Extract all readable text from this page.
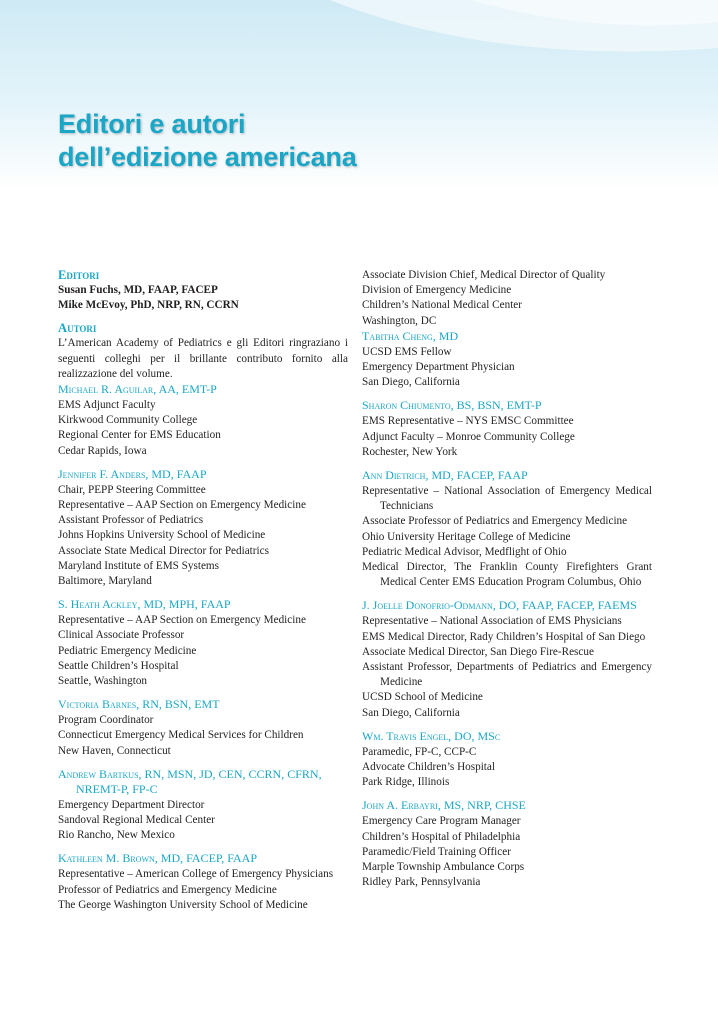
Editori e autori
dell’edizione americana
Editori
Susan Fuchs, MD, FAAP, FACEP
Mike McEvoy, PhD, NRP, RN, CCRN
Autori
L’American Academy of Pediatrics e gli Editori ringraziano i seguenti colleghi per il brillante contributo fornito alla realizzazione del volume.
Michael R. Aguilar, AA, EMT-P
EMS Adjunct Faculty
Kirkwood Community College
Regional Center for EMS Education
Cedar Rapids, Iowa
Jennifer F. Anders, MD, FAAP
Chair, PEPP Steering Committee
Representative – AAP Section on Emergency Medicine
Assistant Professor of Pediatrics
Johns Hopkins University School of Medicine
Associate State Medical Director for Pediatrics
Maryland Institute of EMS Systems
Baltimore, Maryland
S. Heath Ackley, MD, MPH, FAAP
Representative – AAP Section on Emergency Medicine
Clinical Associate Professor
Pediatric Emergency Medicine
Seattle Children’s Hospital
Seattle, Washington
Victoria Barnes, RN, BSN, EMT
Program Coordinator
Connecticut Emergency Medical Services for Children
New Haven, Connecticut
Andrew Bartkus, RN, MSN, JD, CEN, CCRN, CFRN, NREMT-P, FP-C
Emergency Department Director
Sandoval Regional Medical Center
Rio Rancho, New Mexico
Kathleen M. Brown, MD, FACEP, FAAP
Representative – American College of Emergency Physicians
Professor of Pediatrics and Emergency Medicine
The George Washington University School of Medicine
Associate Division Chief, Medical Director of Quality
Division of Emergency Medicine
Children’s National Medical Center
Washington, DC
Tabitha Cheng, MD
UCSD EMS Fellow
Emergency Department Physician
San Diego, California
Sharon Chiumento, BS, BSN, EMT-P
EMS Representative – NYS EMSC Committee
Adjunct Faculty – Monroe Community College
Rochester, New York
Ann Dietrich, MD, FACEP, FAAP
Representative – National Association of Emergency Medical Technicians
Associate Professor of Pediatrics and Emergency Medicine
Ohio University Heritage College of Medicine
Pediatric Medical Advisor, Medflight of Ohio
Medical Director, The Franklin County Firefighters Grant Medical Center EMS Education Program Columbus, Ohio
J. Joelle Donofrio-Odmann, DO, FAAP, FACEP, FAEMS
Representative – National Association of EMS Physicians
EMS Medical Director, Rady Children’s Hospital of San Diego
Associate Medical Director, San Diego Fire-Rescue
Assistant Professor, Departments of Pediatrics and Emergency Medicine
UCSD School of Medicine
San Diego, California
Wm. Travis Engel, DO, MSc
Paramedic, FP-C, CCP-C
Advocate Children’s Hospital
Park Ridge, Illinois
John A. Erbayri, MS, NRP, CHSE
Emergency Care Program Manager
Children’s Hospital of Philadelphia
Paramedic/Field Training Officer
Marple Township Ambulance Corps
Ridley Park, Pennsylvania
